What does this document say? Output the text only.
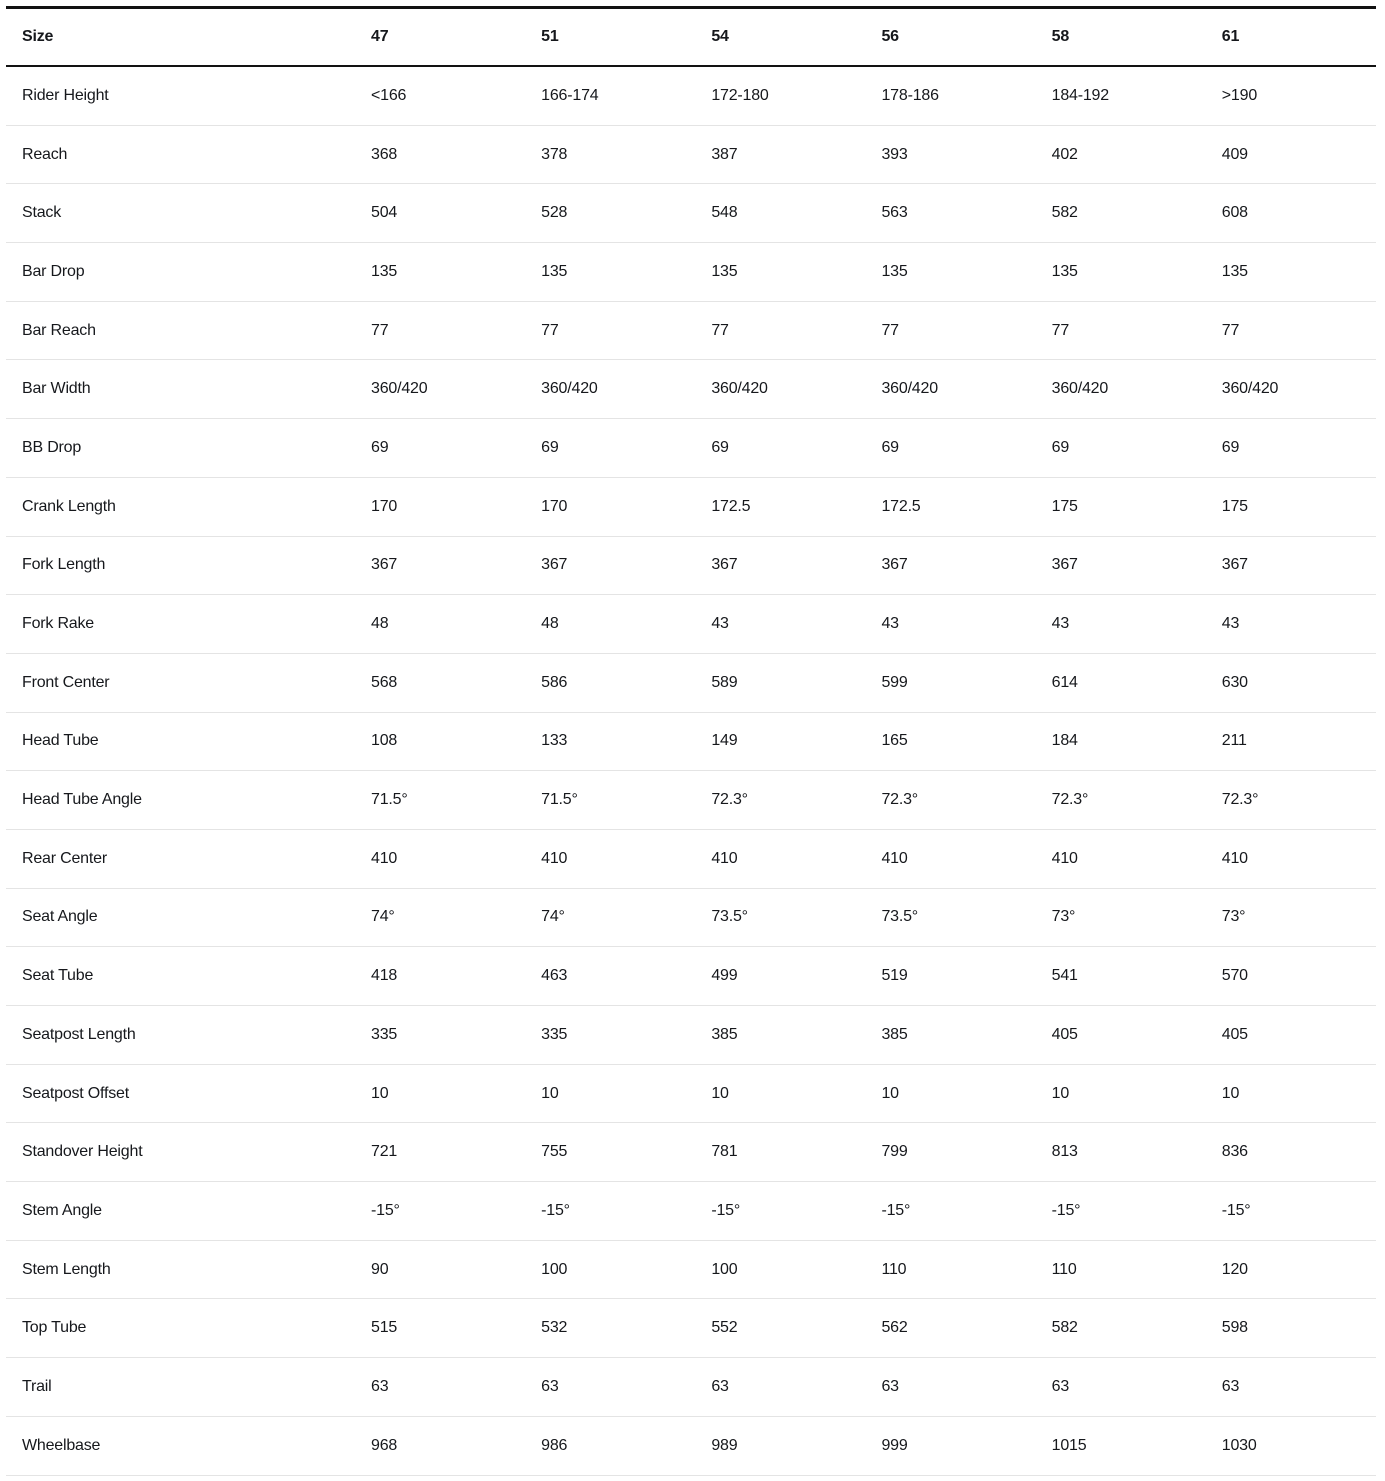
Size	47	51	54	56	58	61
Rider Height	<166	166-174	172-180	178-186	184-192	>190
Reach	368	378	387	393	402	409
Stack	504	528	548	563	582	608
Bar Drop	135	135	135	135	135	135
Bar Reach	77	77	77	77	77	77
Bar Width	360/420	360/420	360/420	360/420	360/420	360/420
BB Drop	69	69	69	69	69	69
Crank Length	170	170	172.5	172.5	175	175
Fork Length	367	367	367	367	367	367
Fork Rake	48	48	43	43	43	43
Front Center	568	586	589	599	614	630
Head Tube	108	133	149	165	184	211
Head Tube Angle	71.5°	71.5°	72.3°	72.3°	72.3°	72.3°
Rear Center	410	410	410	410	410	410
Seat Angle	74°	74°	73.5°	73.5°	73°	73°
Seat Tube	418	463	499	519	541	570
Seatpost Length	335	335	385	385	405	405
Seatpost Offset	10	10	10	10	10	10
Standover Height	721	755	781	799	813	836
Stem Angle	-15°	-15°	-15°	-15°	-15°	-15°
Stem Length	90	100	100	110	110	120
Top Tube	515	532	552	562	582	598
Trail	63	63	63	63	63	63
Wheelbase	968	986	989	999	1015	1030
